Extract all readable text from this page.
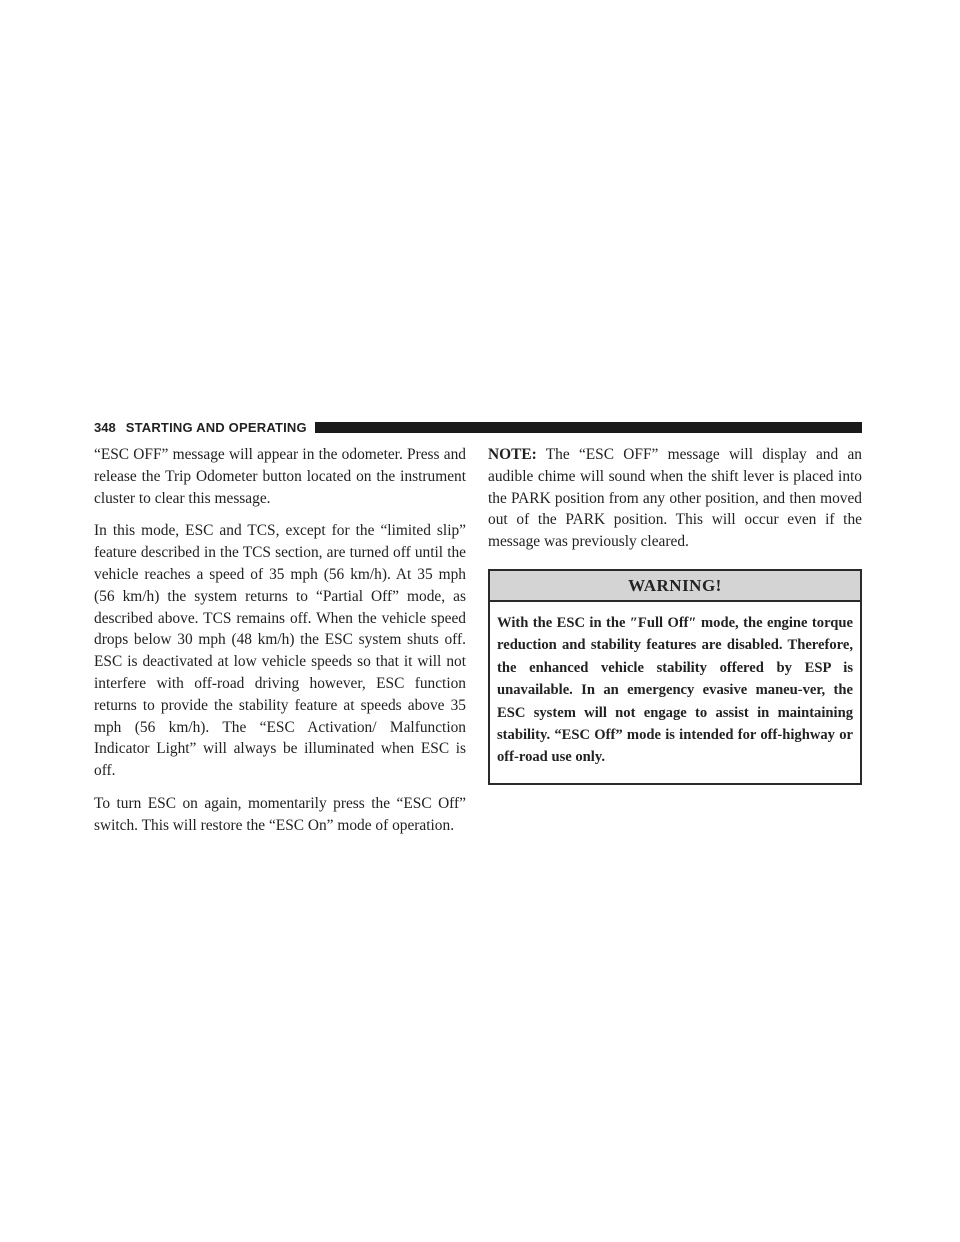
348 STARTING AND OPERATING

“ESC OFF” message will appear in the odometer. Press and release the Trip Odometer button located on the instrument cluster to clear this message.

In this mode, ESC and TCS, except for the “limited slip” feature described in the TCS section, are turned off until the vehicle reaches a speed of 35 mph (56 km/h). At 35 mph (56 km/h) the system returns to “Partial Off” mode, as described above. TCS remains off. When the vehicle speed drops below 30 mph (48 km/h) the ESC system shuts off. ESC is deactivated at low vehicle speeds so that it will not interfere with off-road driving however, ESC function returns to provide the stability feature at speeds above 35 mph (56 km/h). The “ESC Activation/ Malfunction Indicator Light” will always be illuminated when ESC is off.

To turn ESC on again, momentarily press the “ESC Off” switch. This will restore the “ESC On” mode of operation.

NOTE: The “ESC OFF” message will display and an audible chime will sound when the shift lever is placed into the PARK position from any other position, and then moved out of the PARK position. This will occur even if the message was previously cleared.

WARNING!
With the ESC in the ″Full Off″ mode, the engine torque reduction and stability features are disabled. Therefore, the enhanced vehicle stability offered by ESP is unavailable. In an emergency evasive maneu-ver, the ESC system will not engage to assist in maintaining stability. “ESC Off” mode is intended for off-highway or off-road use only.
